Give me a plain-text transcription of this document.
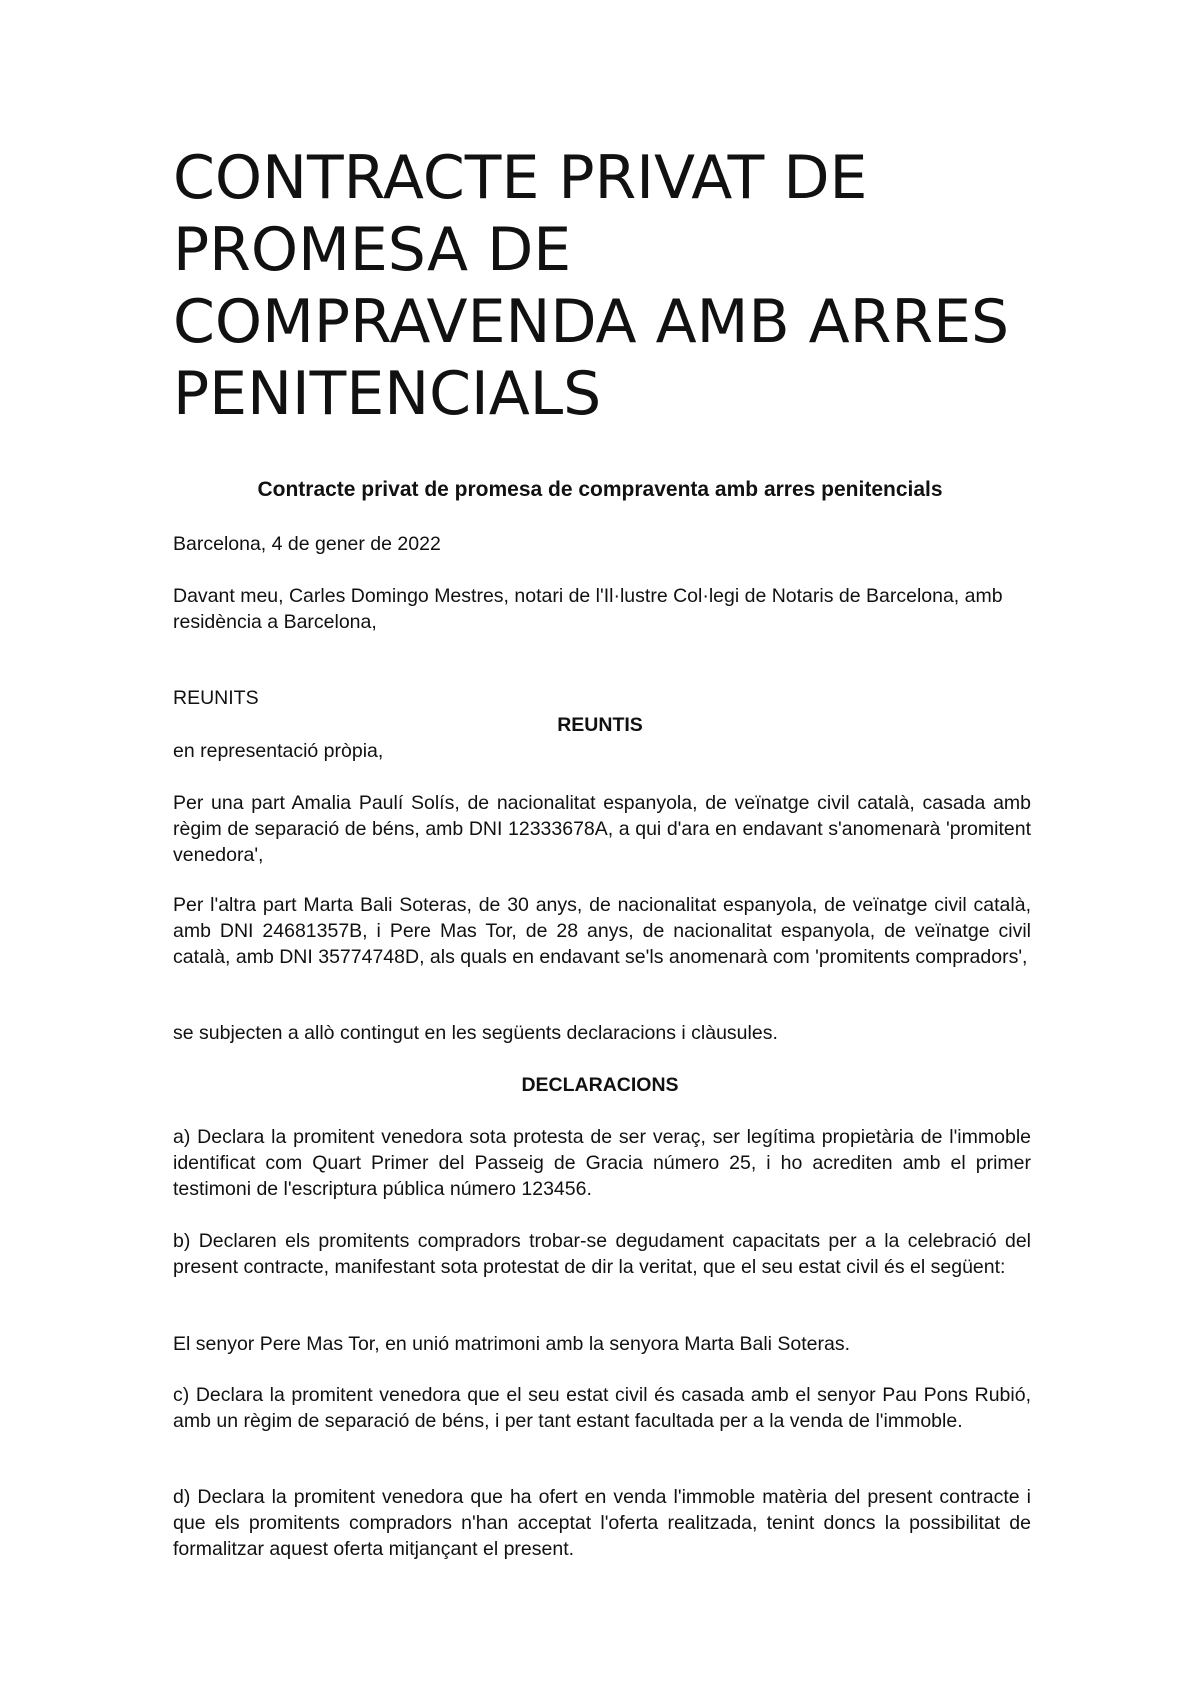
CONTRACTE PRIVAT DE PROMESA DE COMPRAVENDA AMB ARRES PENITENCIALS
Contracte privat de promesa de compraventa amb arres penitencials

Barcelona, 4 de gener de 2022

Davant meu, Carles Domingo Mestres, notari de l'Il·lustre Col·legi de Notaris de Barcelona, amb residència a Barcelona,

REUNITS

REUNTIS

en representació pròpia,

Per una part Amalia Paulí Solís, de nacionalitat espanyola, de veïnatge civil català, casada amb règim de separació de béns, amb DNI 12333678A, a qui d'ara en endavant s'anomenarà 'promitent venedora',

Per l'altra part Marta Bali Soteras, de 30 anys, de nacionalitat espanyola, de veïnatge civil català, amb DNI 24681357B, i Pere Mas Tor, de 28 anys, de nacionalitat espanyola, de veïnatge civil català, amb DNI 35774748D, als quals en endavant se'ls anomenarà com 'promitents compradors',

se subjecten a allò contingut en les següents declaracions i clàusules.

DECLARACIONS

a) Declara la promitent venedora sota protesta de ser veraç, ser legítima propietària de l'immoble identificat com Quart Primer del Passeig de Gracia número 25, i ho acrediten amb el primer testimoni de l'escriptura pública número 123456.

b) Declaren els promitents compradors trobar-se degudament capacitats per a la celebració del present contracte, manifestant sota protestat de dir la veritat, que el seu estat civil és el següent:

El senyor Pere Mas Tor, en unió matrimoni amb la senyora Marta Bali Soteras.

c) Declara la promitent venedora que el seu estat civil és casada amb el senyor Pau Pons Rubió, amb un règim de separació de béns, i per tant estant facultada per a la venda de l'immoble.

d) Declara la promitent venedora que ha ofert en venda l'immoble matèria del present contracte i que els promitents compradors n'han acceptat l'oferta realitzada, tenint doncs la possibilitat de formalitzar aquest oferta mitjançant el present.
